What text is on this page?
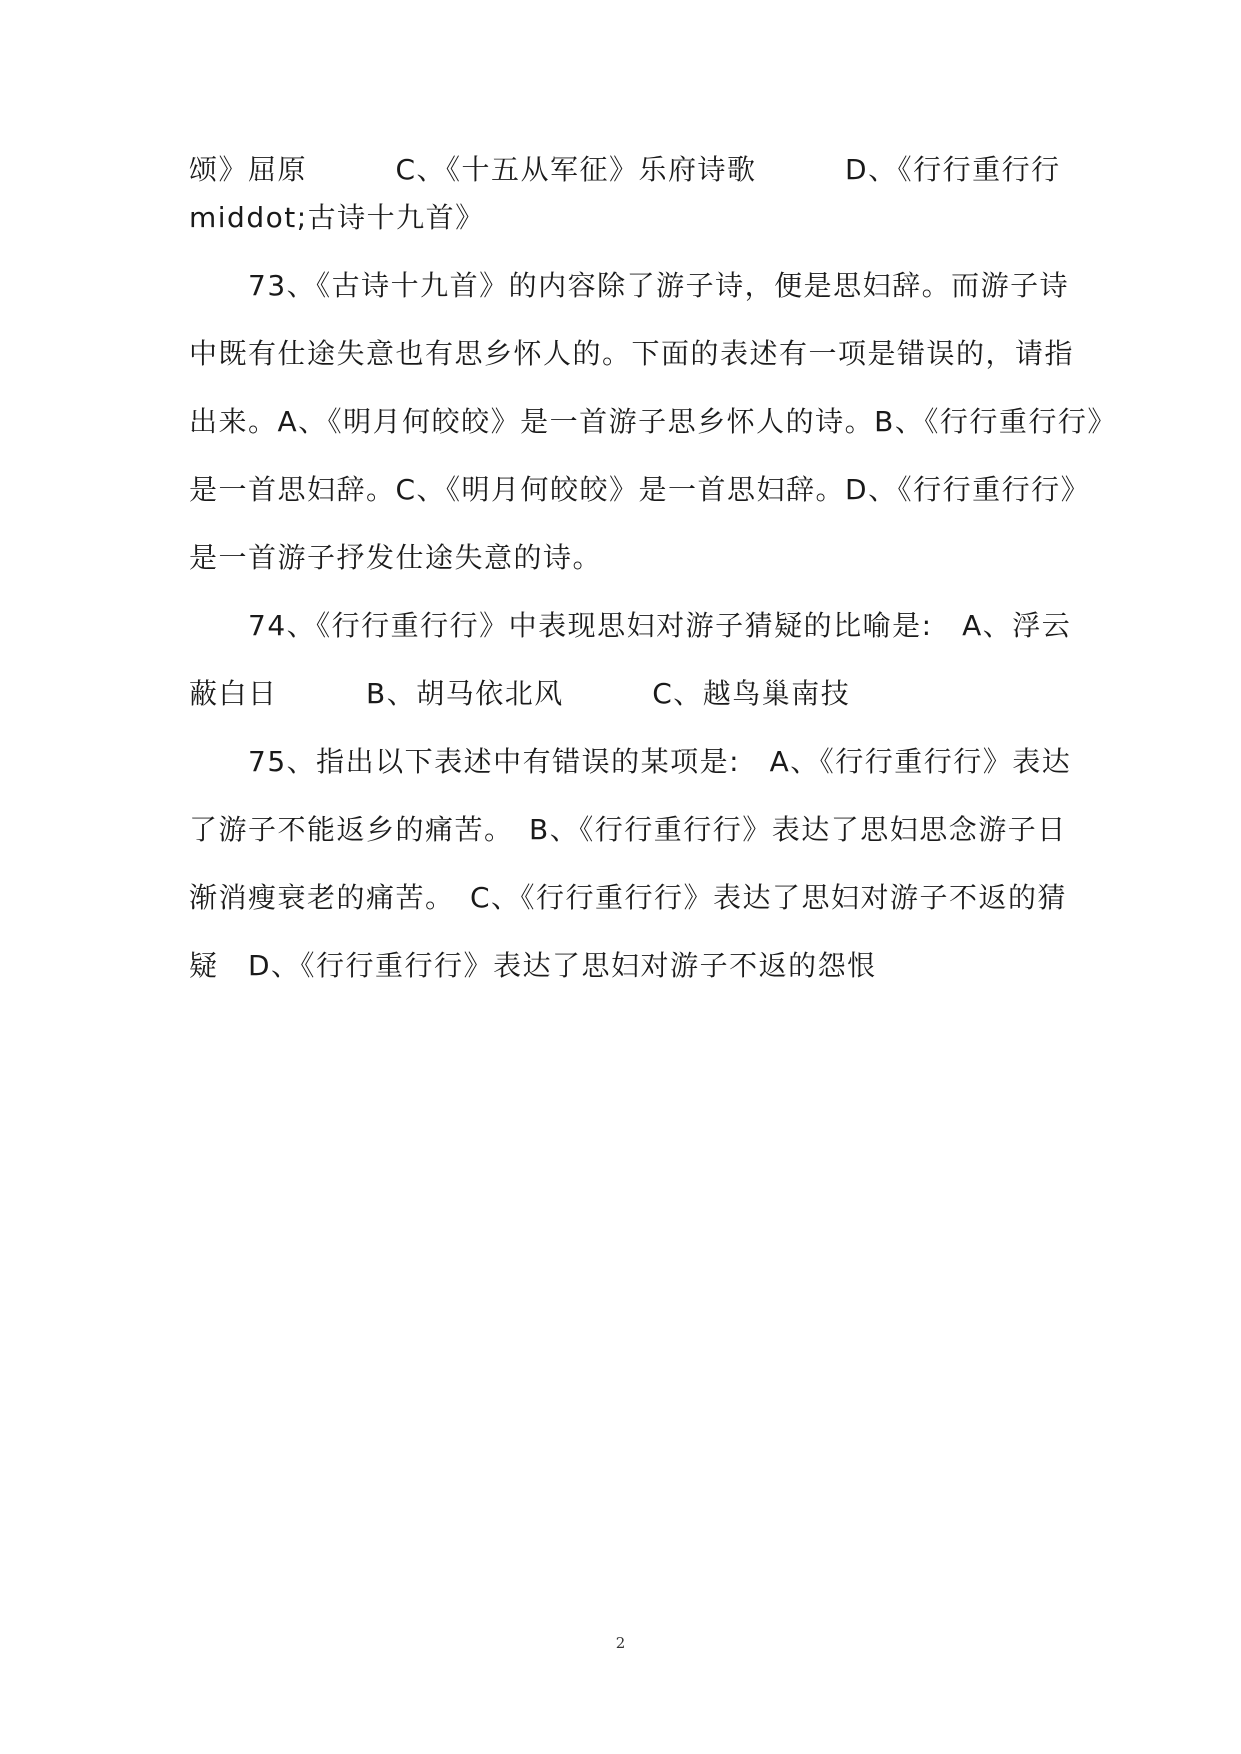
颂》屈原　　　C、《十五从军征》乐府诗歌　　　D、《行行重行行
middot;古诗十九首》
　　73、《古诗十九首》的内容除了游子诗，便是思妇辞。而游子诗
中既有仕途失意也有思乡怀人的。下面的表述有一项是错误的，请指
出来。A、《明月何皎皎》是一首游子思乡怀人的诗。B、《行行重行行》
是一首思妇辞。C、《明月何皎皎》是一首思妇辞。D、《行行重行行》
是一首游子抒发仕途失意的诗。
　　74、《行行重行行》中表现思妇对游子猜疑的比喻是:　A、浮云
蔽白日　　　B、胡马依北风　　　C、越鸟巢南技
　　75、指出以下表述中有错误的某项是:　A、《行行重行行》表达
了游子不能返乡的痛苦。　B、《行行重行行》表达了思妇思念游子日
渐消瘦衰老的痛苦。　C、《行行重行行》表达了思妇对游子不返的猜
疑　D、《行行重行行》表达了思妇对游子不返的怨恨
2
